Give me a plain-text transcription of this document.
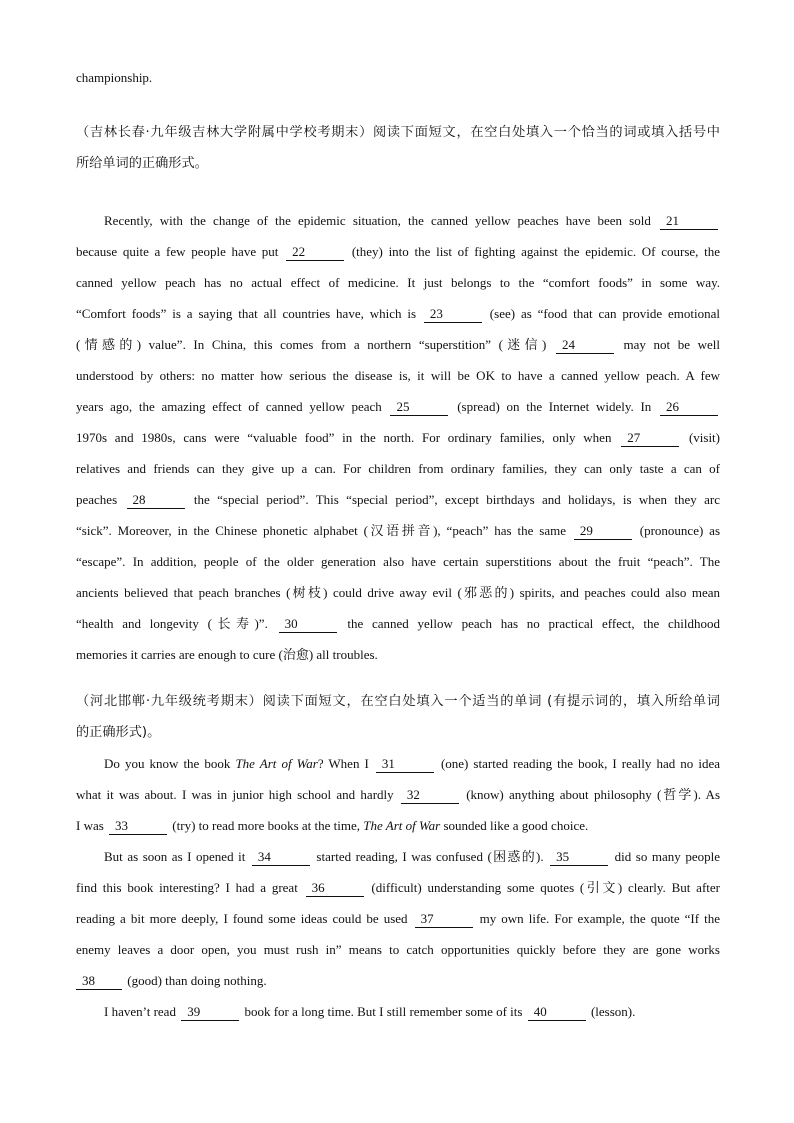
championship.
（吉林长春·九年级吉林大学附属中学校考期末）阅读下面短文，在空白处填入一个恰当的词或填入括号中
所给单词的正确形式。
Recently, with the change of the epidemic situation, the canned yellow peaches have been sold 21
because quite a few people have put 22	(they) into the list of fighting against the epidemic. Of course, the
canned yellow peach has no actual effect of medicine. It just belongs to the “comfort foods” in some way.
“Comfort foods” is a saying that all countries have, which is 23	(see) as “food that can provide emotional
(情感的) value”. In China, this comes from a northern “superstition” (迷信) 24	may not be well
understood by others: no matter how serious the disease is, it will be OK to have a canned yellow peach. A few
years ago, the amazing effect of canned yellow peach 25	(spread) on the Internet widely. In 26
1970s and 1980s, cans were “valuable food” in the north. For ordinary families, only when 27	(visit)
relatives and friends can they give up a can. For children from ordinary families, they can only taste a can of
peaches 28	the “special period”. This “special period”, except birthdays and holidays, is when they arc
“sick”. Moreover, in the Chinese phonetic alphabet (汉语拼音), “peach” has the same 29	(pronounce) as
“escape”. In addition, people of the older generation also have certain superstitions about the fruit “peach”. The
ancients believed that peach branches (树枝) could drive away evil (邪恶的) spirits, and peaches could also mean
“health and longevity (长寿)”. 30	the canned yellow peach has no practical effect, the childhood
memories it carries are enough to cure (治愈) all troubles.
（河北邯郸·九年级统考期末）阅读下面短文，在空白处填入一个适当的单词 (有提示词的，填入所给单词
的正确形式)。
Do you know the book The Art of War? When I 31	(one) started reading the book, I really had no idea
what it was about. I was in junior high school and hardly 32	(know) anything about philosophy (哲学). As
I was 33	(try) to read more books at the time, The Art of War sounded like a good choice.
But as soon as I opened it 34	started reading, I was confused (困惑的). 35	did so many people
find this book interesting? I had a great 36	(difficult) understanding some quotes (引文) clearly. But after
reading a bit more deeply, I found some ideas could be used 37	my own life. For example, the quote “If the
enemy leaves a door open, you must rush in” means to catch opportunities quickly before they are gone works
38 (good) than doing nothing.
I haven’t read 39	book for a long time. But I still remember some of its 40	(lesson).
